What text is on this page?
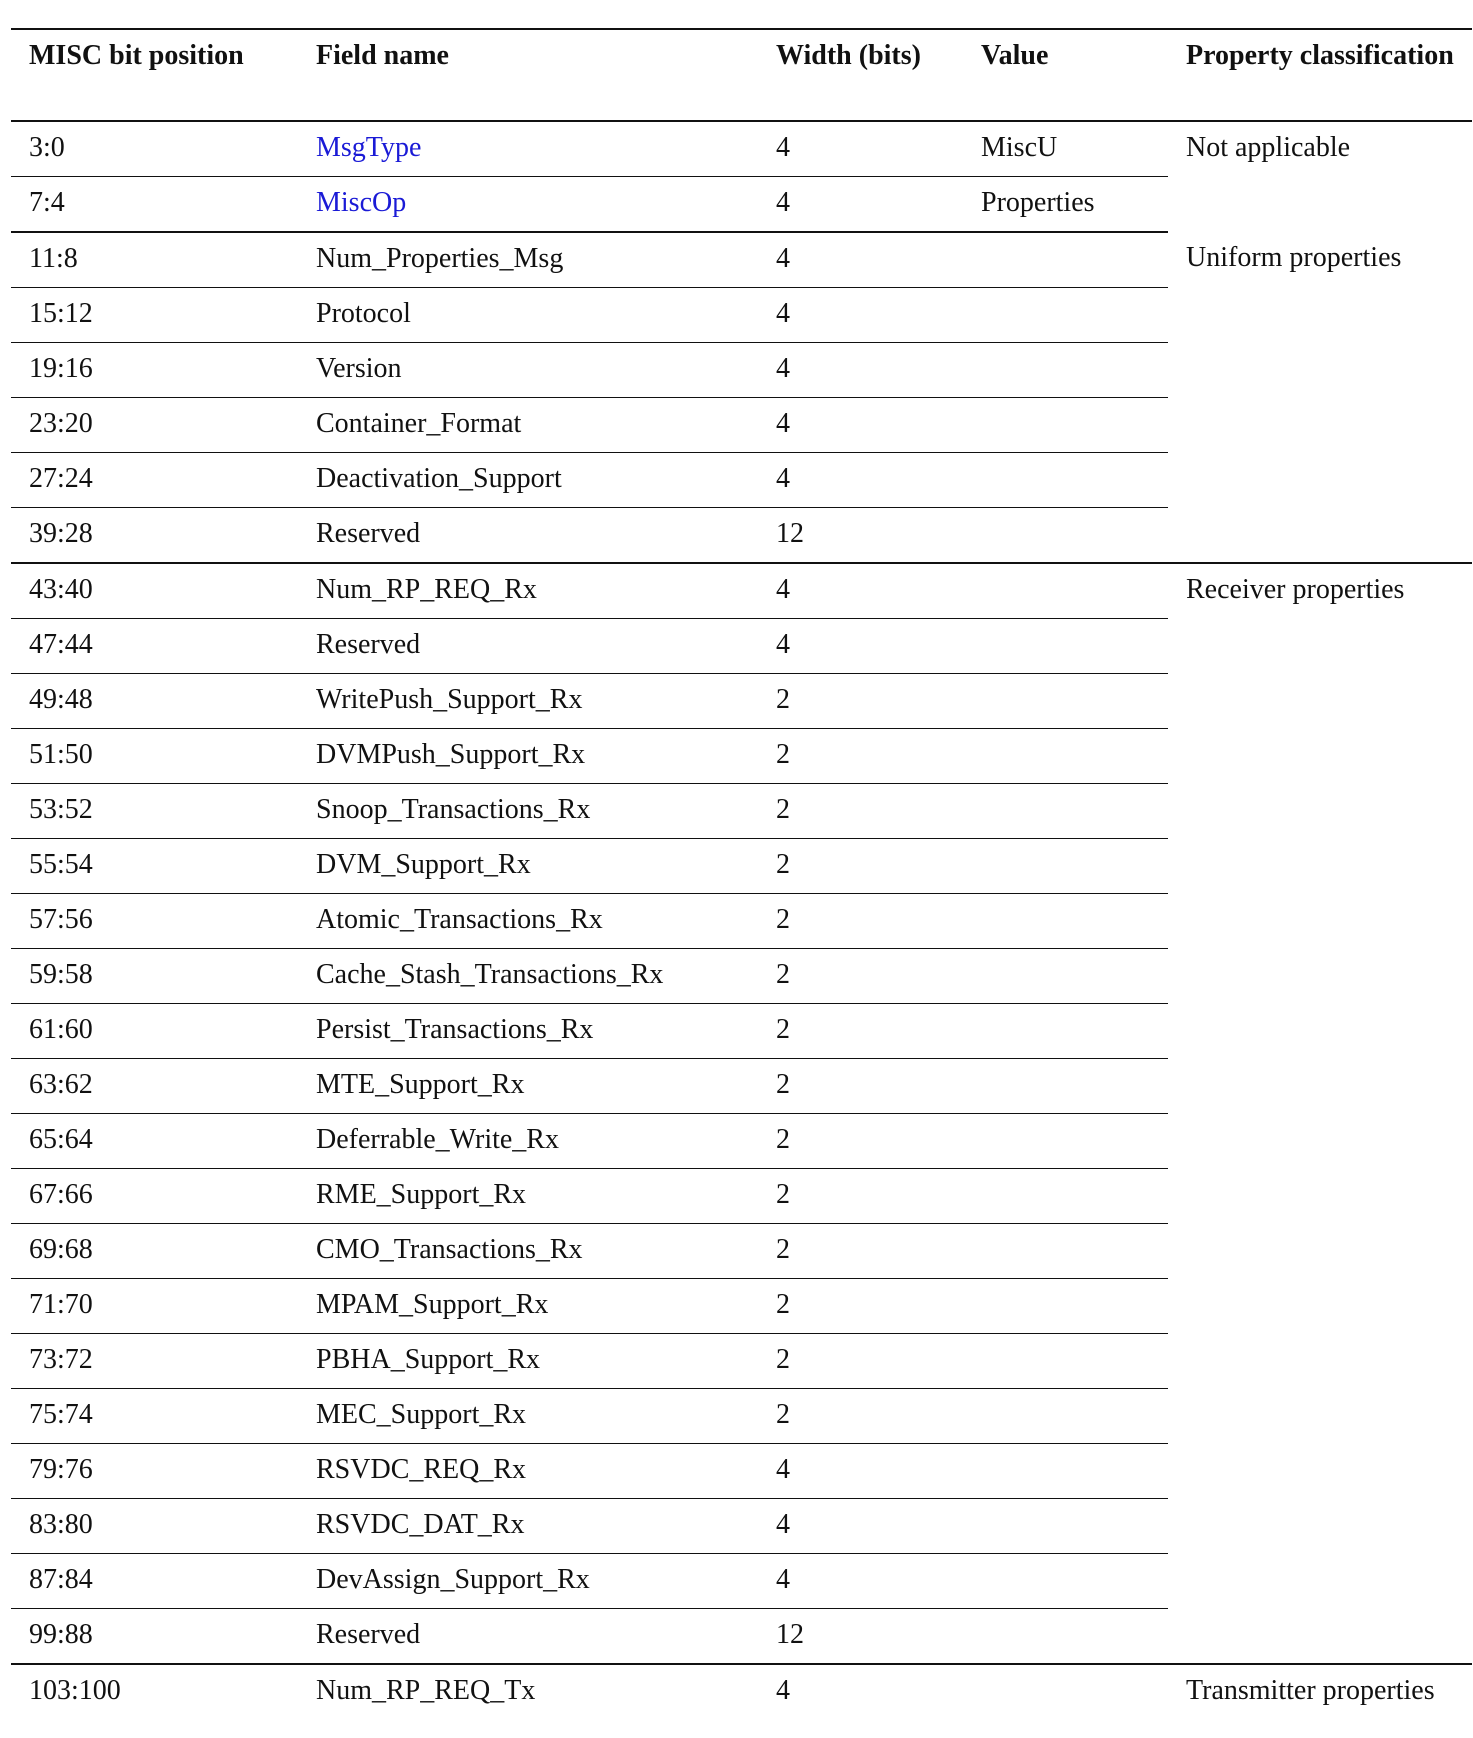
MISC bit position	Field name	Width (bits)	Value	Property classification
3:0	MsgType	4	MiscU	Not applicable
7:4	MiscOp	4	Properties	
11:8	Num_Properties_Msg	4		Uniform properties
15:12	Protocol	4		
19:16	Version	4		
23:20	Container_Format	4		
27:24	Deactivation_Support	4		
39:28	Reserved	12		
43:40	Num_RP_REQ_Rx	4		Receiver properties
47:44	Reserved	4		
49:48	WritePush_Support_Rx	2		
51:50	DVMPush_Support_Rx	2		
53:52	Snoop_Transactions_Rx	2		
55:54	DVM_Support_Rx	2		
57:56	Atomic_Transactions_Rx	2		
59:58	Cache_Stash_Transactions_Rx	2		
61:60	Persist_Transactions_Rx	2		
63:62	MTE_Support_Rx	2		
65:64	Deferrable_Write_Rx	2		
67:66	RME_Support_Rx	2		
69:68	CMO_Transactions_Rx	2		
71:70	MPAM_Support_Rx	2		
73:72	PBHA_Support_Rx	2		
75:74	MEC_Support_Rx	2		
79:76	RSVDC_REQ_Rx	4		
83:80	RSVDC_DAT_Rx	4		
87:84	DevAssign_Support_Rx	4		
99:88	Reserved	12		
103:100	Num_RP_REQ_Tx	4		Transmitter properties
